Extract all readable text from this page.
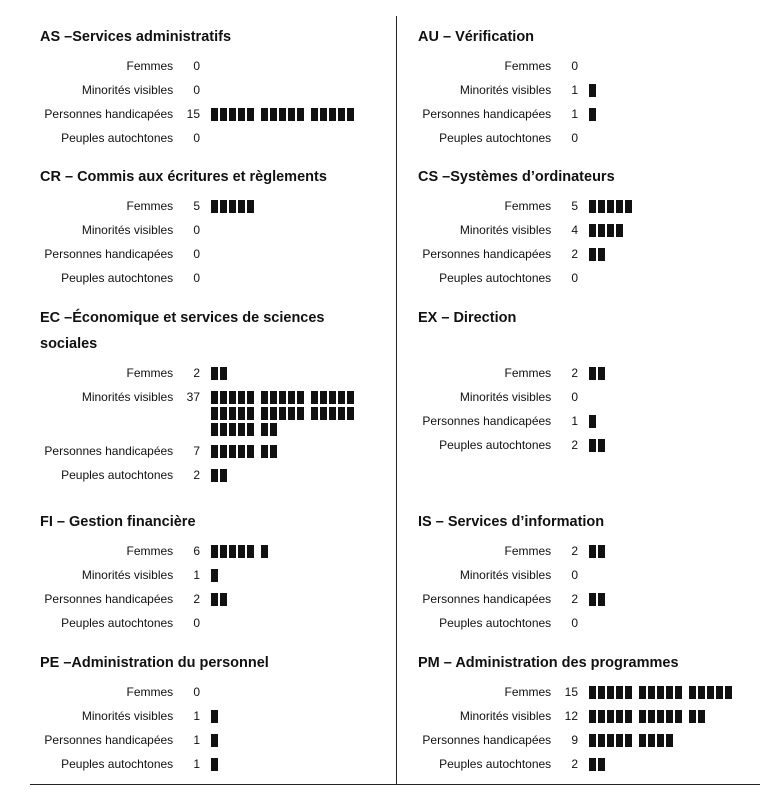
AS –Services administratifs
Femmes	0
Minorités visibles	0
Personnes handicapées	15
Peuples autochtones	0
AU – Vérification
Femmes	0
Minorités visibles	1
Personnes handicapées	1
Peuples autochtones	0
CR – Commis aux écritures et règlements
Femmes	5
Minorités visibles	0
Personnes handicapées	0
Peuples autochtones	0
CS –Systèmes d’ordinateurs
Femmes	5
Minorités visibles	4
Personnes handicapées	2
Peuples autochtones	0
EC –Économique et services de sciences sociales
Femmes	2
Minorités visibles	37
Personnes handicapées	7
Peuples autochtones	2
EX – Direction
Femmes	2
Minorités visibles	0
Personnes handicapées	1
Peuples autochtones	2
FI – Gestion financière
Femmes	6
Minorités visibles	1
Personnes handicapées	2
Peuples autochtones	0
IS – Services d’information
Femmes	2
Minorités visibles	0
Personnes handicapées	2
Peuples autochtones	0
PE –Administration du personnel
Femmes	0
Minorités visibles	1
Personnes handicapées	1
Peuples autochtones	1
PM – Administration des programmes
Femmes	15
Minorités visibles	12
Personnes handicapées	9
Peuples autochtones	2
